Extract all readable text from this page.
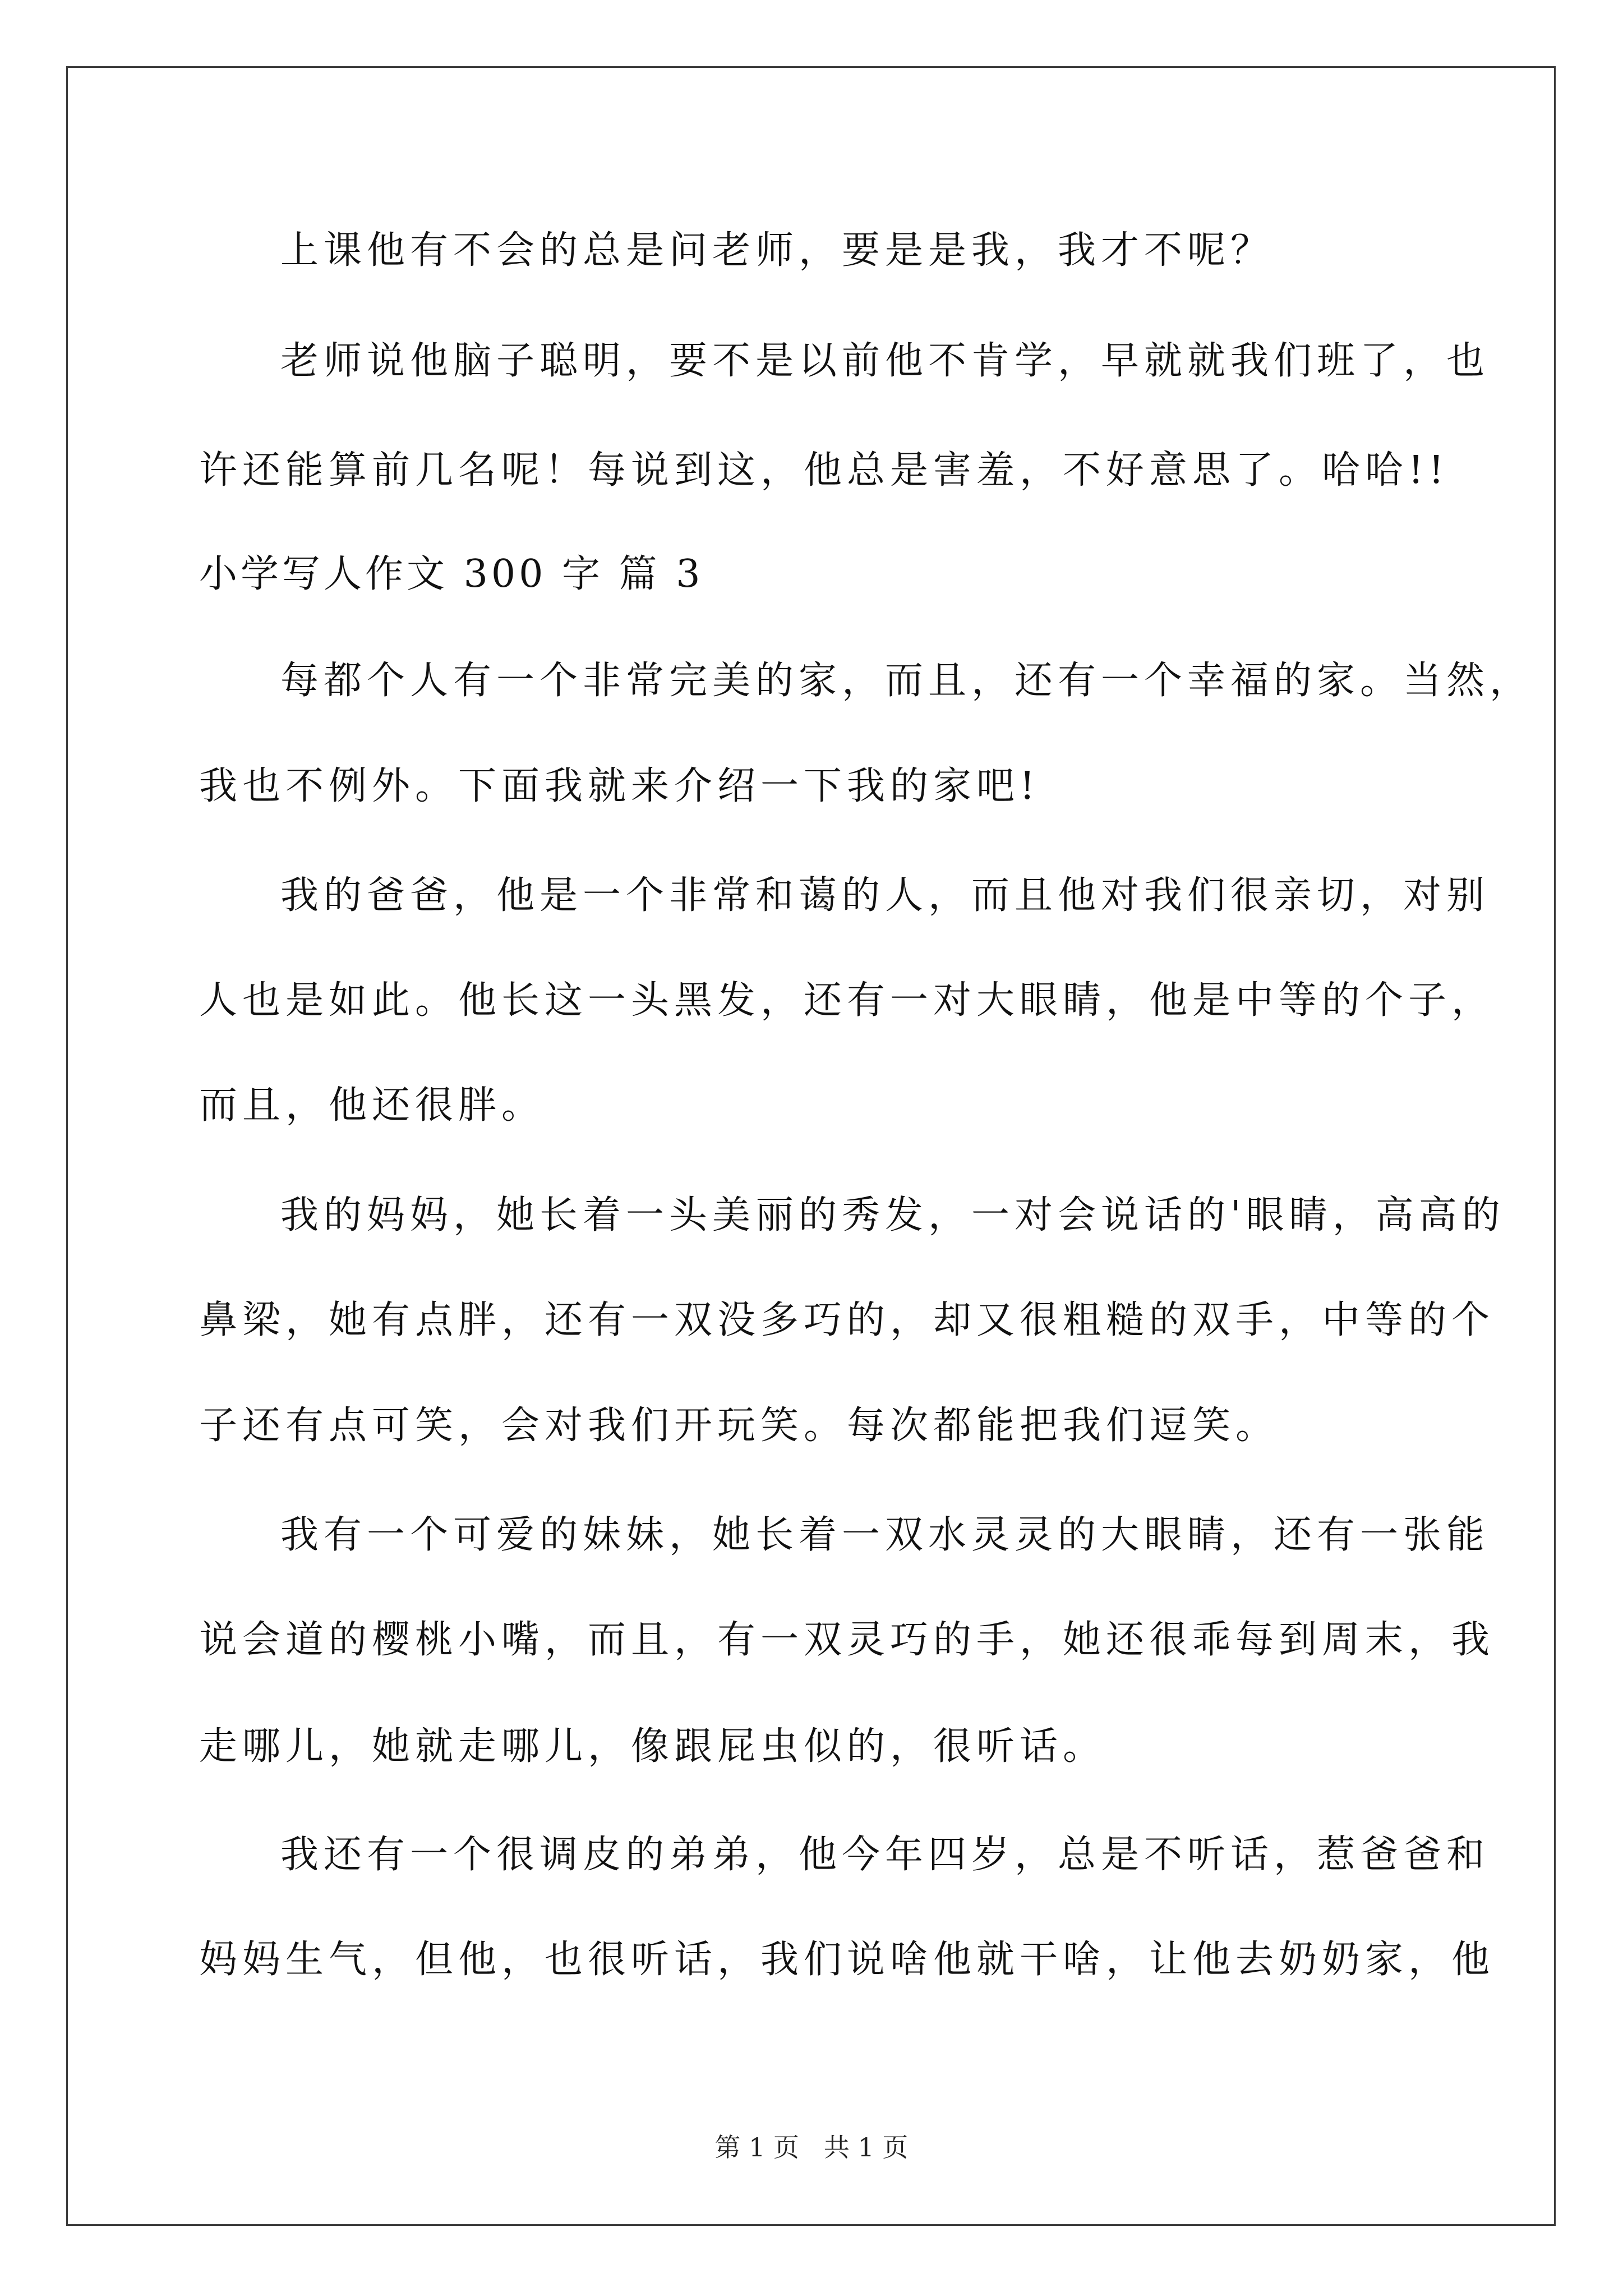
上课他有不会的总是问老师，要是是我，我才不呢？
老师说他脑子聪明，要不是以前他不肯学，早就就我们班了，也
许还能算前几名呢！每说到这，他总是害羞，不好意思了。哈哈!!
小学写人作文 300 字 篇 3
每都个人有一个非常完美的家，而且，还有一个幸福的家。当然，
我也不例外。下面我就来介绍一下我的家吧!
我的爸爸，他是一个非常和蔼的人，而且他对我们很亲切，对别
人也是如此。他长这一头黑发，还有一对大眼睛，他是中等的个子，
而且，他还很胖。
我的妈妈，她长着一头美丽的秀发，一对会说话的'眼睛，高高的
鼻梁，她有点胖，还有一双没多巧的，却又很粗糙的双手，中等的个
子还有点可笑，会对我们开玩笑。每次都能把我们逗笑。
我有一个可爱的妹妹，她长着一双水灵灵的大眼睛，还有一张能
说会道的樱桃小嘴，而且，有一双灵巧的手，她还很乖每到周末，我
走哪儿，她就走哪儿，像跟屁虫似的，很听话。
我还有一个很调皮的弟弟，他今年四岁，总是不听话，惹爸爸和
妈妈生气，但他，也很听话，我们说啥他就干啥，让他去奶奶家，他
第 1 页   共 1 页
